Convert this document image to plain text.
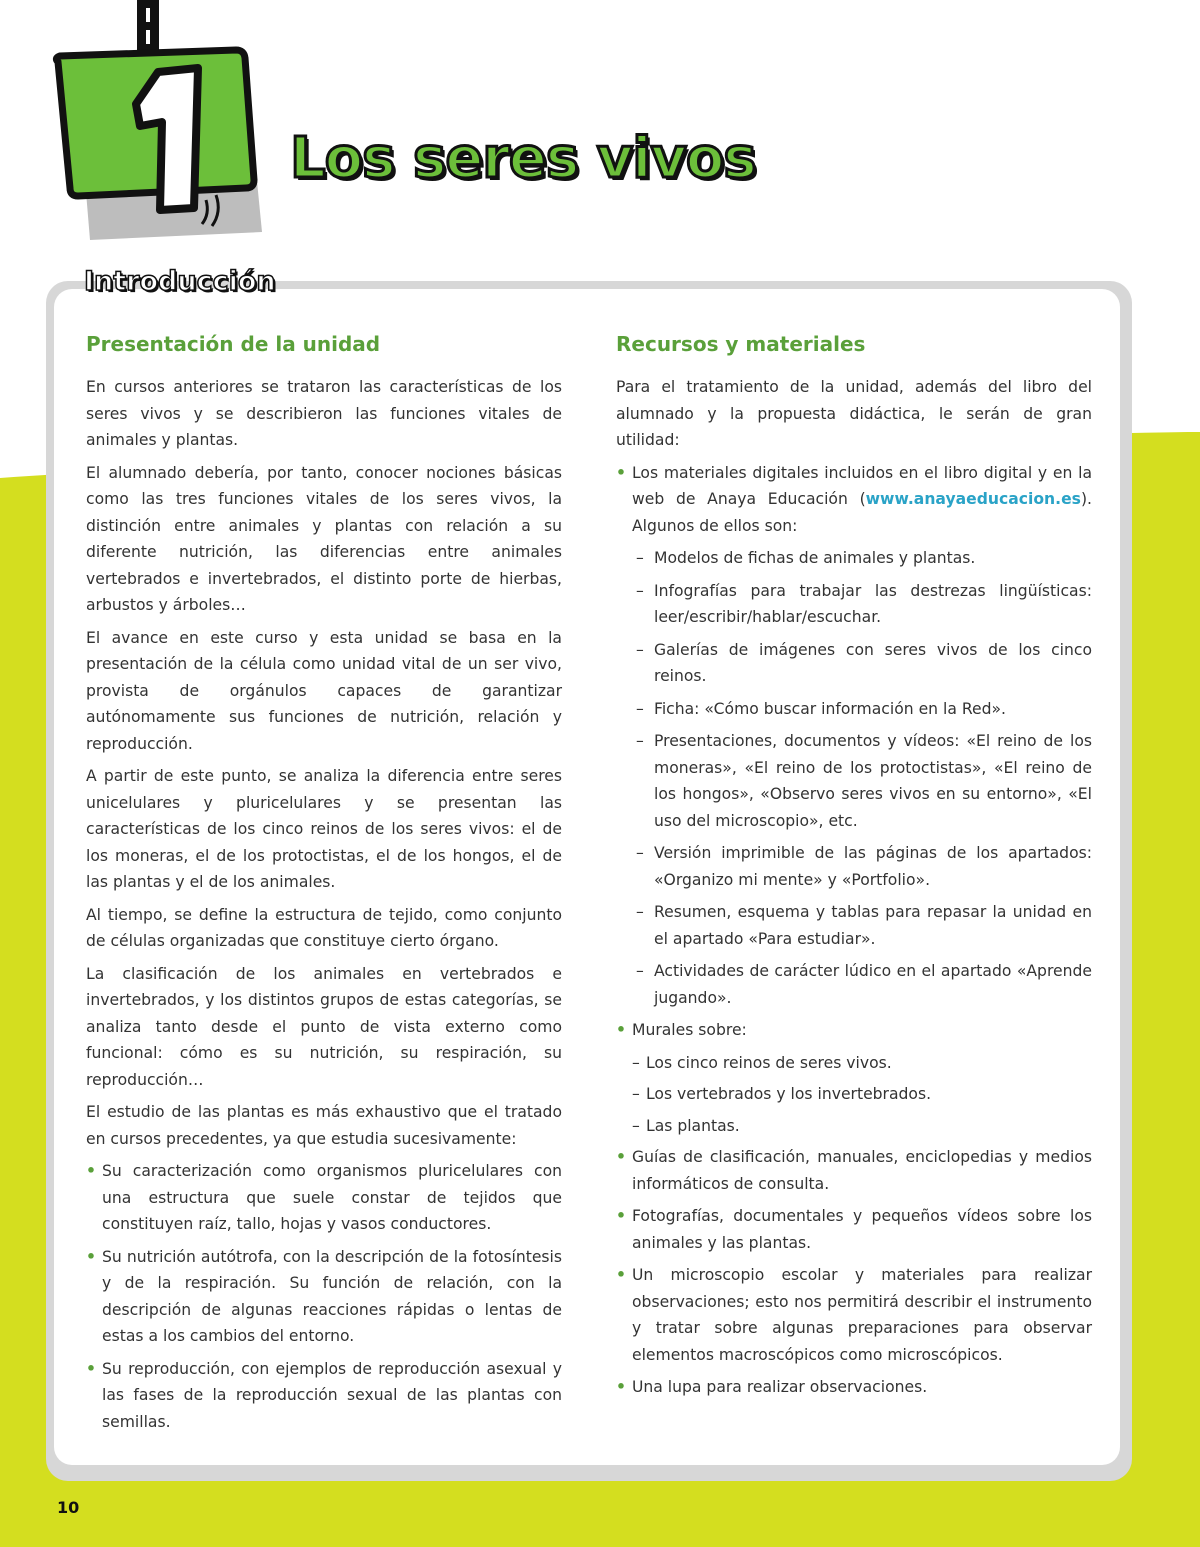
Los seres vivos
Introducción
Presentación de la unidad

En cursos anteriores se trataron las características de los seres vivos y se describieron las funciones vitales de animales y plantas.

El alumnado debería, por tanto, conocer nociones básicas como las tres funciones vitales de los seres vivos, la distinción entre animales y plantas con relación a su diferente nutrición, las diferencias entre animales vertebrados e invertebrados, el distinto porte de hierbas, arbustos y árboles…

El avance en este curso y esta unidad se basa en la presentación de la célula como unidad vital de un ser vivo, provista de orgánulos capaces de garantizar autónomamente sus funciones de nutrición, relación y reproducción.

A partir de este punto, se analiza la diferencia entre seres unicelulares y pluricelulares y se presentan las características de los cinco reinos de los seres vivos: el de los moneras, el de los protoctistas, el de los hongos, el de las plantas y el de los animales.

Al tiempo, se define la estructura de tejido, como conjunto de células organizadas que constituye cierto órgano.

La clasificación de los animales en vertebrados e invertebrados, y los distintos grupos de estas categorías, se analiza tanto desde el punto de vista externo como funcional: cómo es su nutrición, su respiración, su reproducción…

El estudio de las plantas es más exhaustivo que el tratado en cursos precedentes, ya que estudia sucesivamente:

• Su caracterización como organismos pluricelulares con una estructura que suele constar de tejidos que constituyen raíz, tallo, hojas y vasos conductores.
• Su nutrición autótrofa, con la descripción de la fotosíntesis y de la respiración. Su función de relación, con la descripción de algunas reacciones rápidas o lentas de estas a los cambios del entorno.
• Su reproducción, con ejemplos de reproducción asexual y las fases de la reproducción sexual de las plantas con semillas.
Recursos y materiales

Para el tratamiento de la unidad, además del libro del alumnado y la propuesta didáctica, le serán de gran utilidad:

• Los materiales digitales incluidos en el libro digital y en la web de Anaya Educación (www.anayaeducacion.es). Algunos de ellos son:
– Modelos de fichas de animales y plantas.
– Infografías para trabajar las destrezas lingüísticas: leer/escribir/hablar/escuchar.
– Galerías de imágenes con seres vivos de los cinco reinos.
– Ficha: «Cómo buscar información en la Red».
– Presentaciones, documentos y vídeos: «El reino de los moneras», «El reino de los protoctistas», «El reino de los hongos», «Observo seres vivos en su entorno», «El uso del microscopio», etc.
– Versión imprimible de las páginas de los apartados: «Organizo mi mente» y «Portfolio».
– Resumen, esquema y tablas para repasar la unidad en el apartado «Para estudiar».
– Actividades de carácter lúdico en el apartado «Aprende jugando».
• Murales sobre:
– Los cinco reinos de seres vivos.
– Los vertebrados y los invertebrados.
– Las plantas.
• Guías de clasificación, manuales, enciclopedias y medios informáticos de consulta.
• Fotografías, documentales y pequeños vídeos sobre los animales y las plantas.
• Un microscopio escolar y materiales para realizar observaciones; esto nos permitirá describir el instrumento y tratar sobre algunas preparaciones para observar elementos macroscópicos como microscópicos.
• Una lupa para realizar observaciones.
10
